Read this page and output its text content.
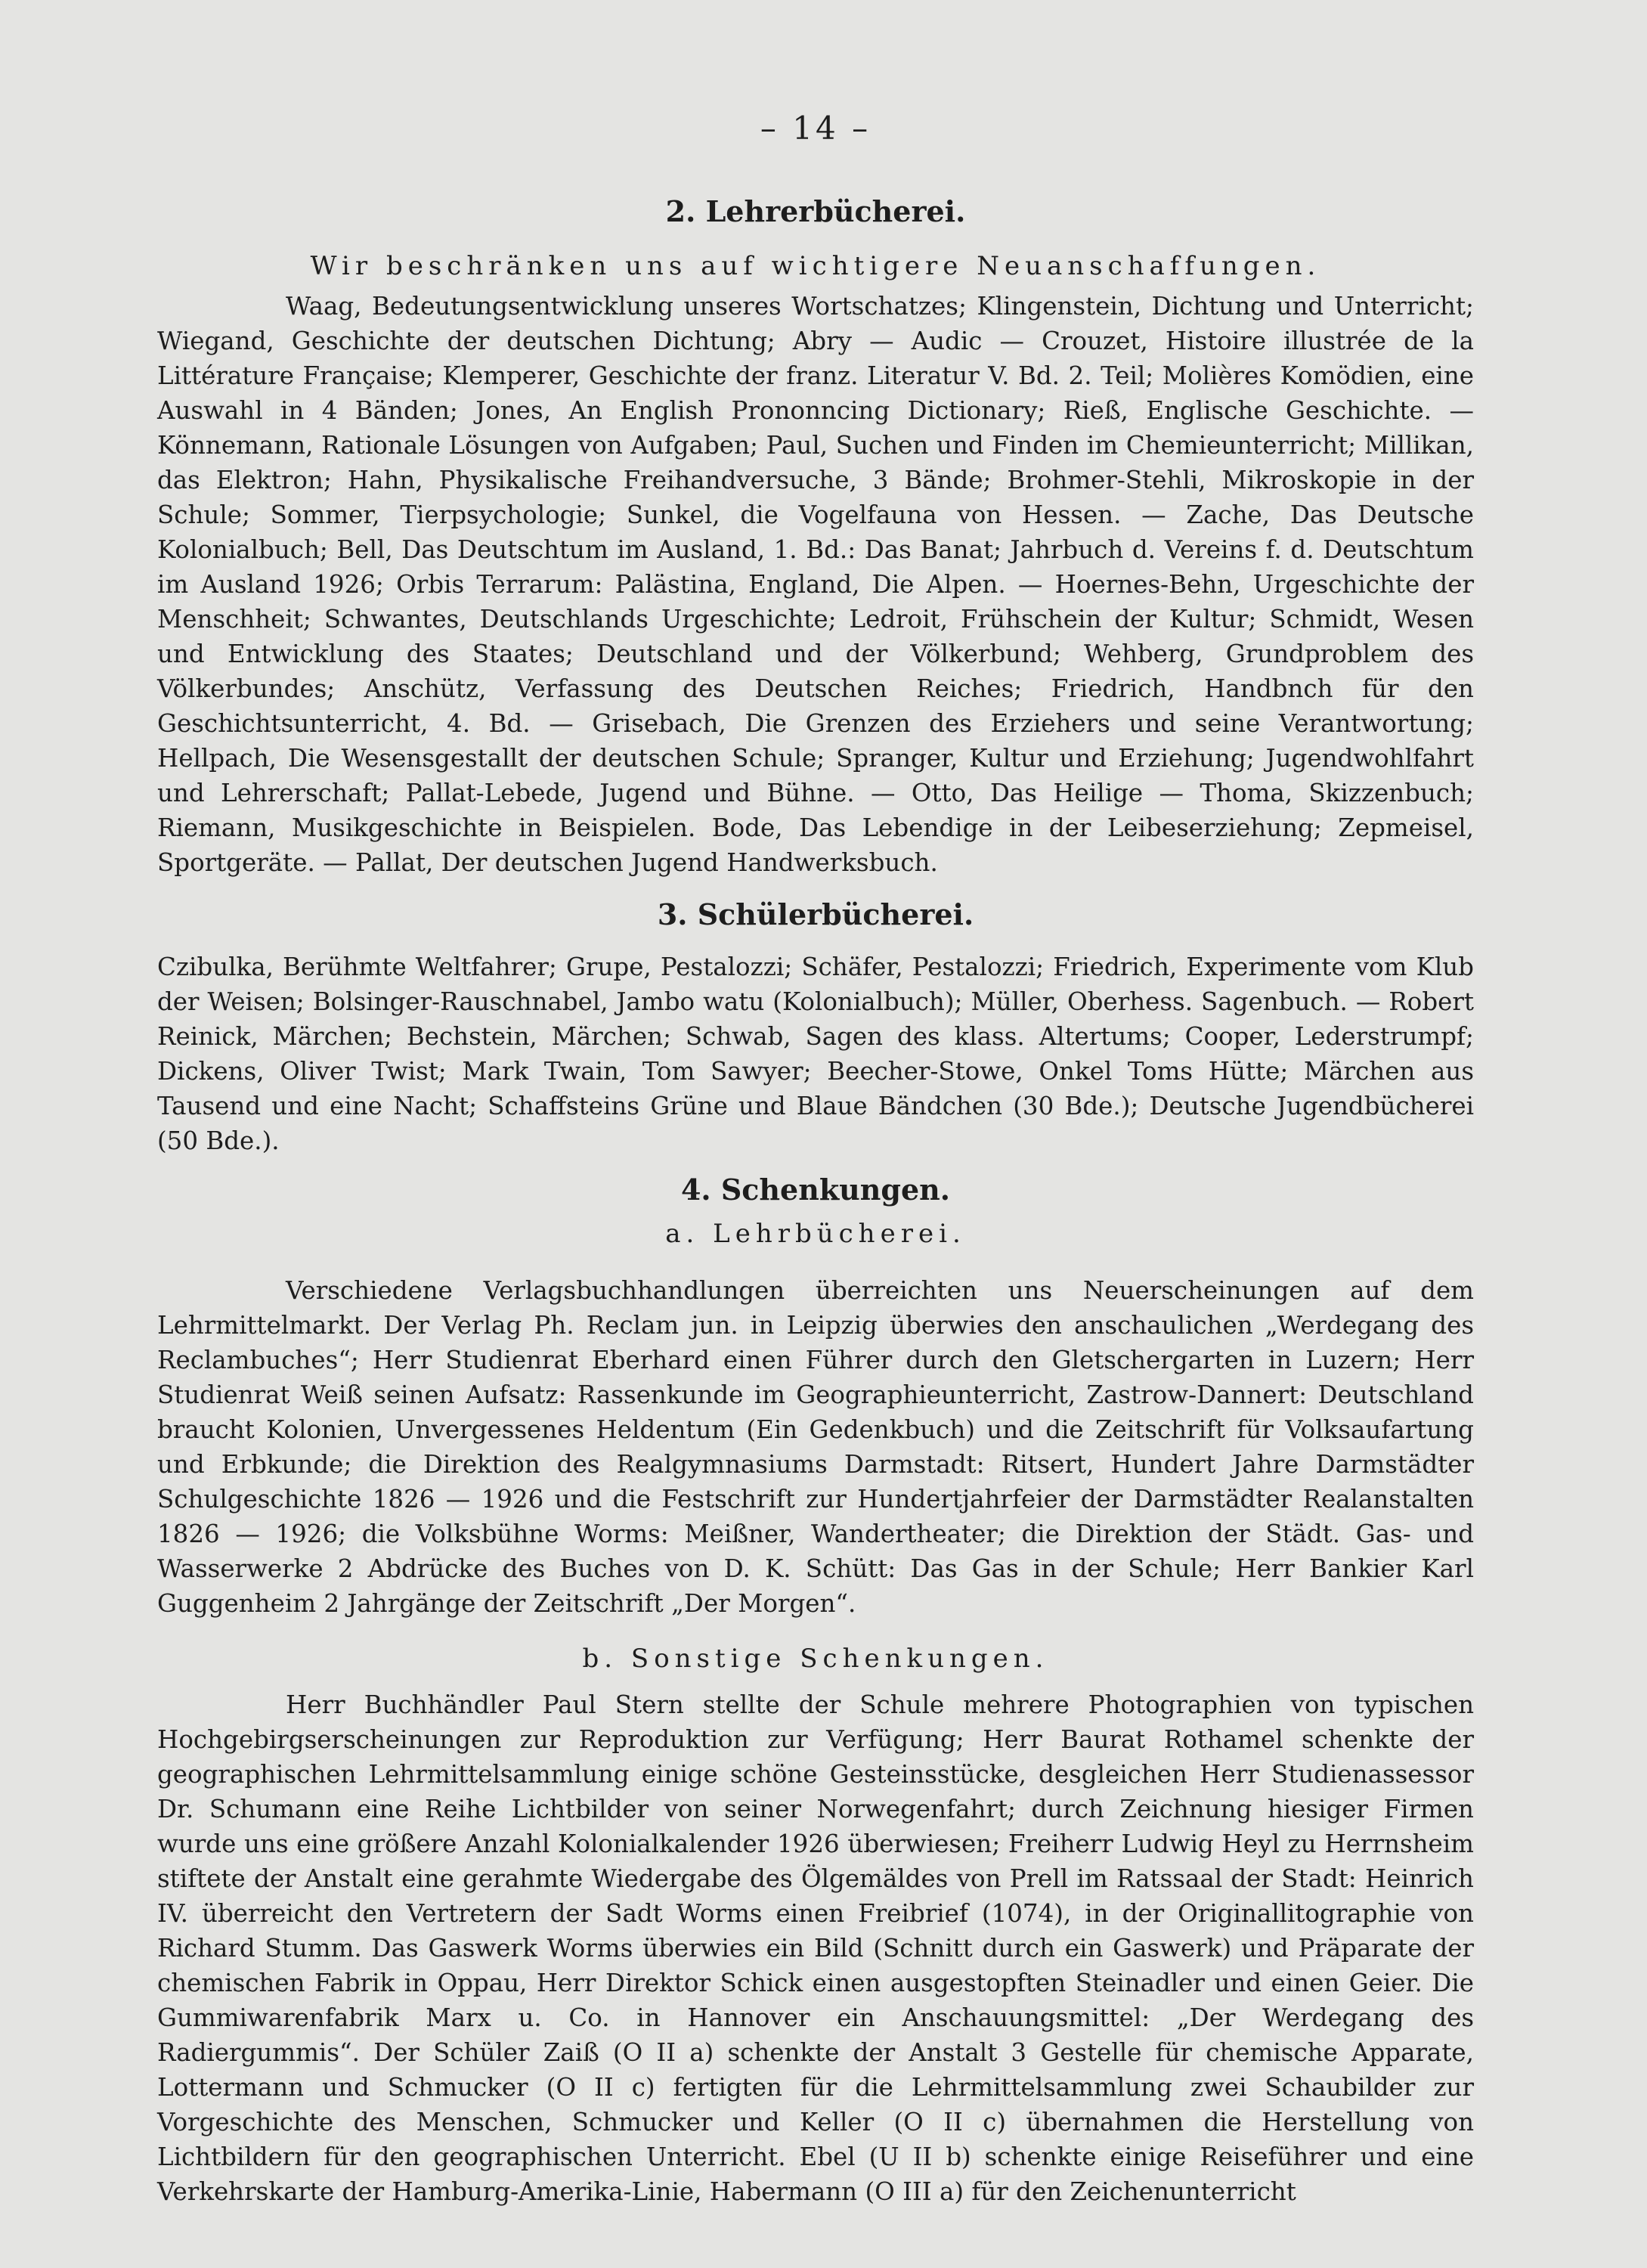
– 14 –
2. Lehrerbücherei.
Wir beschränken uns auf wichtigere Neuanschaffungen.

Waag, Bedeutungsentwicklung unseres Wortschatzes; Klingenstein, Dichtung und Unterricht; Wiegand, Geschichte der deutschen Dichtung; Abry — Audic — Crouzet, Histoire illustrée de la Littérature Française; Klemperer, Geschichte der franz. Literatur V. Bd. 2. Teil; Molières Komödien, eine Auswahl in 4 Bänden; Jones, An English Prononncing Dictionary; Rieß, Englische Geschichte. — Könnemann, Rationale Lösungen von Aufgaben; Paul, Suchen und Finden im Chemieunterricht; Millikan, das Elektron; Hahn, Physikalische Freihandversuche, 3 Bände; Brohmer-Stehli, Mikroskopie in der Schule; Sommer, Tierpsychologie; Sunkel, die Vogelfauna von Hessen. — Zache, Das Deutsche Kolonialbuch; Bell, Das Deutschtum im Ausland, 1. Bd.: Das Banat; Jahrbuch d. Vereins f. d. Deutschtum im Ausland 1926; Orbis Terrarum: Palästina, England, Die Alpen. — Hoernes-Behn, Urgeschichte der Menschheit; Schwantes, Deutschlands Urgeschichte; Ledroit, Frühschein der Kultur; Schmidt, Wesen und Entwicklung des Staates; Deutschland und der Völkerbund; Wehberg, Grundproblem des Völkerbundes; Anschütz, Verfassung des Deutschen Reiches; Friedrich, Handbnch für den Geschichtsunterricht, 4. Bd. — Grisebach, Die Grenzen des Erziehers und seine Verantwortung; Hellpach, Die Wesensgestallt der deutschen Schule; Spranger, Kultur und Erziehung; Jugendwohlfahrt und Lehrerschaft; Pallat-Lebede, Jugend und Bühne. — Otto, Das Heilige — Thoma, Skizzenbuch; Riemann, Musikgeschichte in Beispielen. Bode, Das Lebendige in der Leibeserziehung; Zepmeisel, Sportgeräte. — Pallat, Der deutschen Jugend Handwerksbuch.

3. Schülerbücherei.

Czibulka, Berühmte Weltfahrer; Grupe, Pestalozzi; Schäfer, Pestalozzi; Friedrich, Experimente vom Klub der Weisen; Bolsinger-Rauschnabel, Jambo watu (Kolonialbuch); Müller, Oberhess. Sagenbuch. — Robert Reinick, Märchen; Bechstein, Märchen; Schwab, Sagen des klass. Altertums; Cooper, Lederstrumpf; Dickens, Oliver Twist; Mark Twain, Tom Sawyer; Beecher-Stowe, Onkel Toms Hütte; Märchen aus Tausend und eine Nacht; Schaffsteins Grüne und Blaue Bändchen (30 Bde.); Deutsche Jugendbücherei (50 Bde.).

4. Schenkungen.
a. Lehrbücherei.

Verschiedene Verlagsbuchhandlungen überreichten uns Neuerscheinungen auf dem Lehrmittelmarkt. Der Verlag Ph. Reclam jun. in Leipzig überwies den anschaulichen „Werdegang des Reclambuches“; Herr Studienrat Eberhard einen Führer durch den Gletschergarten in Luzern; Herr Studienrat Weiß seinen Aufsatz: Rassenkunde im Geographieunterricht, Zastrow-Dannert: Deutschland braucht Kolonien, Unvergessenes Heldentum (Ein Gedenkbuch) und die Zeitschrift für Volksaufartung und Erbkunde; die Direktion des Realgymnasiums Darmstadt: Ritsert, Hundert Jahre Darmstädter Schulgeschichte 1826 — 1926 und die Festschrift zur Hundertjahrfeier der Darmstädter Realanstalten 1826 — 1926; die Volksbühne Worms: Meißner, Wandertheater; die Direktion der Städt. Gas- und Wasserwerke 2 Abdrücke des Buches von D. K. Schütt: Das Gas in der Schule; Herr Bankier Karl Guggenheim 2 Jahrgänge der Zeitschrift „Der Morgen“.

b. Sonstige Schenkungen.

Herr Buchhändler Paul Stern stellte der Schule mehrere Photographien von typischen Hochgebirgserscheinungen zur Reproduktion zur Verfügung; Herr Baurat Rothamel schenkte der geographischen Lehrmittelsammlung einige schöne Gesteinsstücke, desgleichen Herr Studienassessor Dr. Schumann eine Reihe Lichtbilder von seiner Norwegenfahrt; durch Zeichnung hiesiger Firmen wurde uns eine größere Anzahl Kolonialkalender 1926 überwiesen; Freiherr Ludwig Heyl zu Herrnsheim stiftete der Anstalt eine gerahmte Wiedergabe des Ölgemäldes von Prell im Ratssaal der Stadt: Heinrich IV. überreicht den Vertretern der Sadt Worms einen Freibrief (1074), in der Originallitographie von Richard Stumm. Das Gaswerk Worms überwies ein Bild (Schnitt durch ein Gaswerk) und Präparate der chemischen Fabrik in Oppau, Herr Direktor Schick einen ausgestopften Steinadler und einen Geier. Die Gummiwarenfabrik Marx u. Co. in Hannover ein Anschauungsmittel: „Der Werdegang des Radiergummis“. Der Schüler Zaiß (O II a) schenkte der Anstalt 3 Gestelle für chemische Apparate, Lottermann und Schmucker (O II c) fertigten für die Lehrmittelsammlung zwei Schaubilder zur Vorgeschichte des Menschen, Schmucker und Keller (O II c) übernahmen die Herstellung von Lichtbildern für den geographischen Unterricht. Ebel (U II b) schenkte einige Reiseführer und eine Verkehrskarte der Hamburg-Amerika-Linie, Habermann (O III a) für den Zeichenunterricht
